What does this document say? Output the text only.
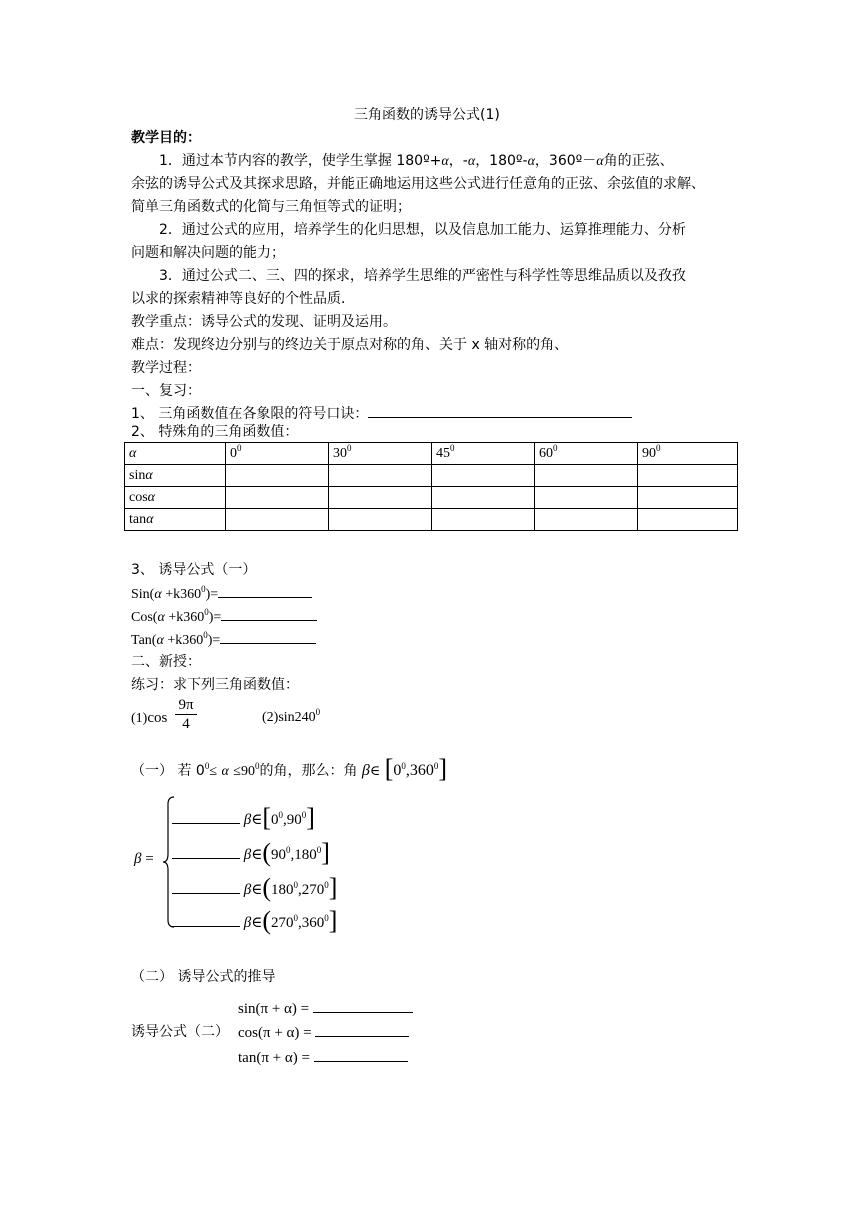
三角函数的诱导公式(1)
教学目的：
1．通过本节内容的教学，使学生掌握 180º+α，-α，180º-α，360º－α角的正弦、
余弦的诱导公式及其探求思路，并能正确地运用这些公式进行任意角的正弦、余弦值的求解、
简单三角函数式的化简与三角恒等式的证明；
2．通过公式的应用，培养学生的化归思想，以及信息加工能力、运算推理能力、分析
问题和解决问题的能力；
3．通过公式二、三、四的探求，培养学生思维的严密性与科学性等思维品质以及孜孜
以求的探索精神等良好的个性品质．
教学重点：诱导公式的发现、证明及运用。
难点：发现终边分别与的终边关于原点对称的角、关于 x 轴对称的角、
教学过程：
一、复习：
1、 三角函数值在各象限的符号口诀：
2、 特殊角的三角函数值：
α	$0^0$	$30^0$	$45^0$	$60^0$	$90^0$
sinα					
cosα					
tanα					
3、 诱导公式（一）
$Sin(\alpha +k360^0)=$
$Cos(\alpha +k360^0)=$
$Tan(\alpha +k360^0)=$
二、新授：
练习：求下列三角函数值：
(1)cos
9π
4	$(2)\sin 240^0$
（一） 若 $0^0\le \alpha \le 90^0$的角，那么：角 β∈ $[0^0,360^0]$
β =
$\beta\in[0^0,90^0]$
$\beta\in(90^0,180^0]$
$\beta\in(180^0,270^0]$
$\beta\in(270^0,360^0]$
（二） 诱导公式的推导
sin(π + α) =
诱导公式（二） cos(π + α) =
tan(π + α) =
